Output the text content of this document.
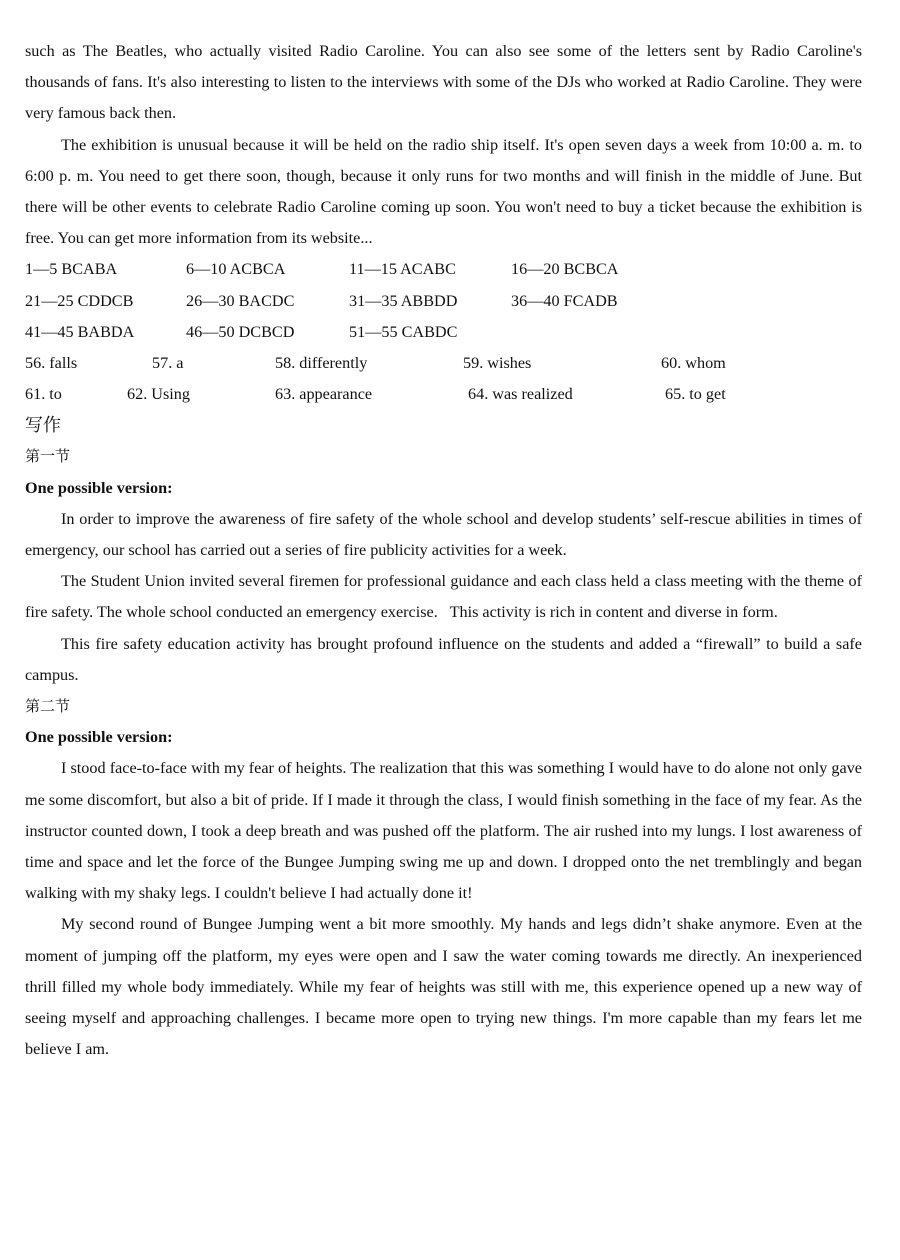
such as The Beatles, who actually visited Radio Caroline. You can also see some of the letters sent by Radio Caroline's thousands of fans. It's also interesting to listen to the interviews with some of the DJs who worked at Radio Caroline. They were very famous back then.

The exhibition is unusual because it will be held on the radio ship itself. It's open seven days a week from 10:00 a. m. to 6:00 p. m. You need to get there soon, though, because it only runs for two months and will finish in the middle of June. But there will be other events to celebrate Radio Caroline coming up soon. You won't need to buy a ticket because the exhibition is free. You can get more information from its website...

1—5 BCABA	6—10 ACBCA	11—15 ACABC	16—20 BCBCA
21—25 CDDCB	26—30 BACDC	31—35 ABBDD	36—40 FCADB
41—45 BABDA	46—50 DCBCD	51—55 CABDC
56. falls	57. a	58. differently	59. wishes	60. whom
61. to	62. Using	63. appearance	64. was realized	65. to get

写作

第一节

One possible version:

In order to improve the awareness of fire safety of the whole school and develop students’ self-rescue abilities in times of emergency, our school has carried out a series of fire publicity activities for a week.

The Student Union invited several firemen for professional guidance and each class held a class meeting with the theme of fire safety. The whole school conducted an emergency exercise.   This activity is rich in content and diverse in form.

This fire safety education activity has brought profound influence on the students and added a “firewall” to build a safe campus.

第二节

One possible version:

I stood face-to-face with my fear of heights. The realization that this was something I would have to do alone not only gave me some discomfort, but also a bit of pride. If I made it through the class, I would finish something in the face of my fear. As the instructor counted down, I took a deep breath and was pushed off the platform. The air rushed into my lungs. I lost awareness of time and space and let the force of the Bungee Jumping swing me up and down. I dropped onto the net tremblingly and began walking with my shaky legs. I couldn't believe I had actually done it!

My second round of Bungee Jumping went a bit more smoothly. My hands and legs didn’t shake anymore. Even at the moment of jumping off the platform, my eyes were open and I saw the water coming towards me directly. An inexperienced thrill filled my whole body immediately. While my fear of heights was still with me, this experience opened up a new way of seeing myself and approaching challenges. I became more open to trying new things. I'm more capable than my fears let me believe I am.
